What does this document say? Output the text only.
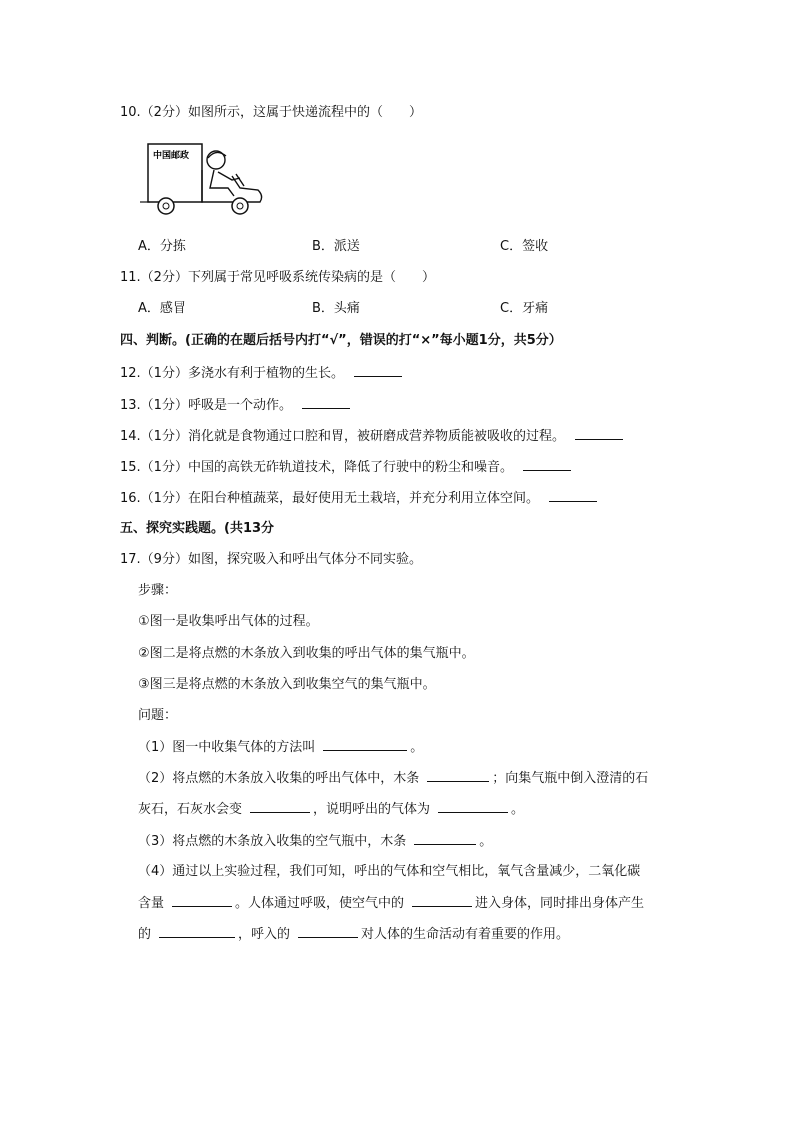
10.（2分）如图所示，这属于快递流程中的（　　）
中国邮政
A．分拣	B．派送	C．签收
11.（2分）下列属于常见呼吸系统传染病的是（　　）
A．感冒	B．头痛	C．牙痛
四、判断。(正确的在题后括号内打“√”，错误的打“×”每小题1分，共5分）
12.（1分）多浇水有利于植物的生长。
13.（1分）呼吸是一个动作。
14.（1分）消化就是食物通过口腔和胃，被研磨成营养物质能被吸收的过程。
15.（1分）中国的高铁无砟轨道技术，降低了行驶中的粉尘和噪音。
16.（1分）在阳台种植蔬菜，最好使用无土栽培，并充分利用立体空间。
五、探究实践题。(共13分
17.（9分）如图，探究吸入和呼出气体分不同实验。
步骤：
①图一是收集呼出气体的过程。
②图二是将点燃的木条放入到收集的呼出气体的集气瓶中。
③图三是将点燃的木条放入到收集空气的集气瓶中。
问题：
（1）图一中收集气体的方法叫	。
（2）将点燃的木条放入收集的呼出气体中，木条	；向集气瓶中倒入澄清的石
灰石，石灰水会变	，说明呼出的气体为	。
（3）将点燃的木条放入收集的空气瓶中，木条	。
（4）通过以上实验过程，我们可知，呼出的气体和空气相比，氧气含量减少，二氧化碳
含量	。人体通过呼吸，使空气中的	进入身体，同时排出身体产生
的	，呼入的	对人体的生命活动有着重要的作用。
